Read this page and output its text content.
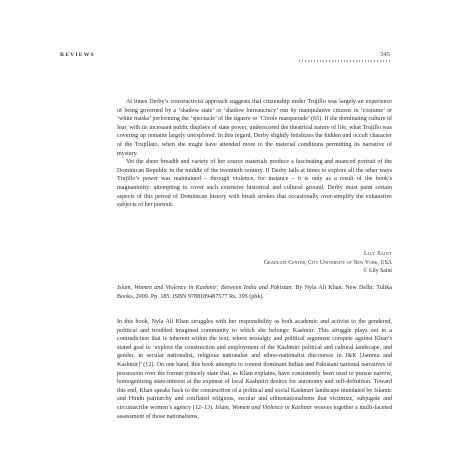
REVIEWS	345

At times Derby’s constructivist approach suggests that citizenship under Trujillo was largely an experience of being governed by a ‘shadow state’ or ‘shadow bureaucracy’ run by manipulative citizens in ‘costume’ or ‘white masks’ performing the ‘spectacle’ of the tíguere or ‘Creole masquerade’ (65). If the dominating culture of fear, with its incessant public displays of state power, underscored the theatrical nature of life, what Trujillo was covering up remains largely unexplored. In this regard, Derby slightly fetishizes the hidden and occult character of the Trujillato, when she might have attended more to the material conditions permitting its narrative of mystery.

Yet the sheer breadth and variety of her source materials produce a fascinating and nuanced portrait of the Dominican Republic in the middle of the twentieth century. If Derby fails at times to explore all the other ways Trujillo’s power was maintained – through violence, for instance – it is only as a result of the book’s magnanimity: attempting to cover such extensive historical and cultural ground, Derby must paint certain aspects of this period of Dominican history with brush strokes that occasionally over-simplify the exhaustive subjects of her portrait.

Lily Saint
Graduate Center, City University of New York, USA
© Lily Saint
Islam, Women and Violence in Kashmir: Between India and Pakistan. By Nyla Ali Khan. New Delhi: Tulika Books, 2009. Pp. 185. ISBN 9788189487577 Rs. 395 (pbk).

In this book, Nyla Ali Khan struggles with her responsibility as both academic and activist to the gendered, political and troubled imagined community to which she belongs: Kashmir. This struggle plays out in a contradiction that is inherent within the text, where nostalgic and political argument compete against Khan’s stated goal to ‘explore the construction and employment of the Kashmiri political and cultural landscape, and gender, in secular nationalist, religious nationalist and ethno-nationalist discourses in J&K [Jammu and Kashmir]’ (12). On one hand, this book attempts to contest dominant Indian and Pakistani national narratives of possession over the former princely state that, as Khan explains, have consistently been used to pursue narrow, homogenizing state-interest at the expense of local Kashmiri desires for autonomy and self-definition. Toward this end, Khan speaks back to the construction of a political and social Kashmiri landscape inundated by Islamic and Hindu patriarchy and conflated religious, secular and ethnonationalisms that victimize, subjugate and circumscribe women’s agency (12–13). Islam, Women and Violence in Kashmir weaves together a multi-faceted assessment of those nationalisms,
